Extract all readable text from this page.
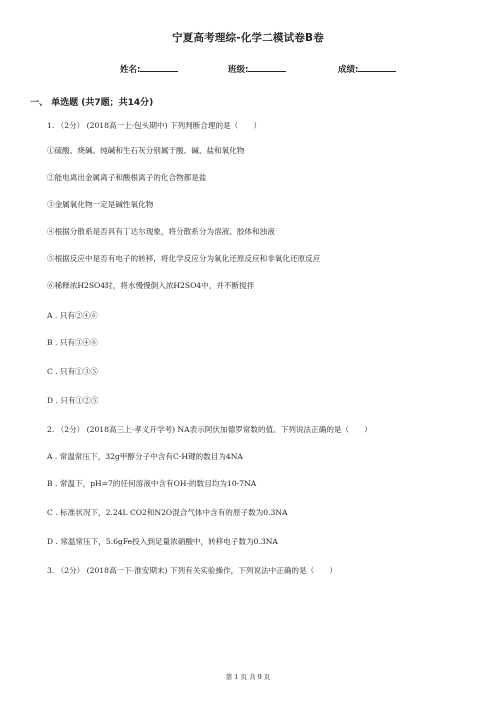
宁夏高考理综-化学二模试卷B卷
姓名:	班级:	成绩:
一、 单选题 (共7题；共14分)
1. （2分） (2018高一上·包头期中) 下列判断合理的是（　　）
①硫酸、烧碱、纯碱和生石灰分别属于酸、碱、盐和氧化物
②能电离出金属离子和酸根离子的化合物都是盐
③金属氧化物一定是碱性氧化物
④根据分散系是否具有丁达尔现象，将分散系分为溶液、胶体和浊液
⑤根据反应中是否有电子的转移，将化学反应分为氧化还原反应和非氧化还原反应
⑥稀释浓H2SO4时，将水慢慢倒入浓H2SO4中，并不断搅拌
A . 只有②④⑥
B . 只有③④⑥
C . 只有①③⑤
D . 只有①②⑤
2. （2分） (2018高三上·孝义开学考) NA表示阿伏加德罗常数的值。下列说法正确的是（　　）
A . 常温常压下，32g甲醇分子中含有C-H键的数目为4NA
B . 常温下，pH=7的任何溶液中含有OH-的数目均为10-7NA
C . 标准状况下，2.24L CO2和N2O混合气体中含有的原子数为0.3NA
D . 常温常压下，5.6gFe投入到足量浓硝酸中，转移电子数为0.3NA
3. （2分） (2018高一下·淮安期末) 下列有关实验操作，下列说法中正确的是（　　）
第 1 页 共 9 页
